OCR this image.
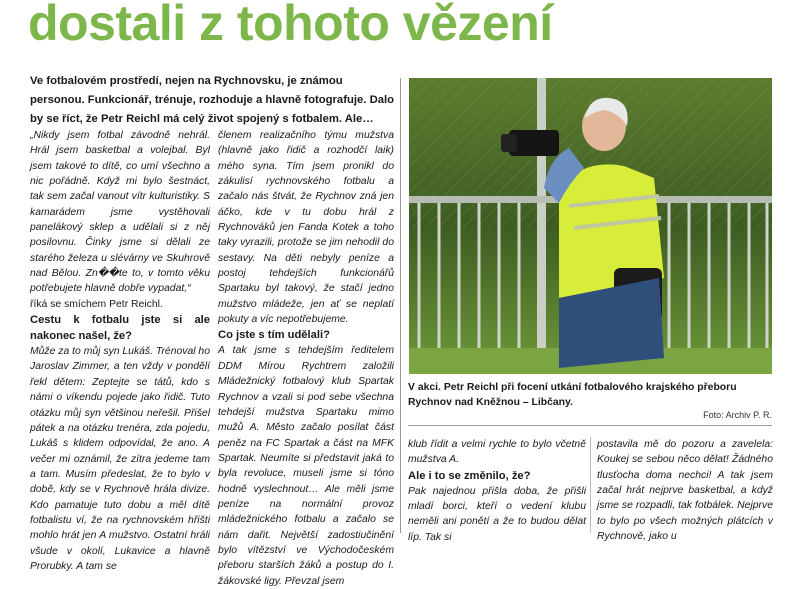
dostali z tohoto vězení

Ve fotbalovém prostředí, nejen na Rychnovsku, je známou personou. Funkcionář, trénuje, rozhoduje a hlavně fotografuje. Dalo by se říct, že Petr Reichl má celý život spojený s fotbalem. Ale…

„Nikdy jsem fotbal závodně nehrál. Hrál jsem basketbal a volejbal. Byl jsem takové to dítě, co umí všechno a nic pořádně. Když mi bylo šestnáct, tak sem začal vanout vítr kulturistiky. S kamarádem jsme vystěhovali panelákový sklep a udělali si z něj posilovnu. Činky jsme si dělali ze starého železa u slévárny ve Skuhrově nad Bělou. Zn��te to, v tomto věku potřebujete hlavně dobře vypadat,“

říká se smíchem Petr Reichl.

Cestu k fotbalu jste si ale nakonec našel, že?

Může za to můj syn Lukáš. Trénoval ho Jaroslav Zimmer, a ten vždy v pondělí řekl dětem: Zeptejte se tátů, kdo s námi o víkendu pojede jako řidič. Tuto otázku můj syn většinou neřešil. Přišel pátek a na otázku trenéra, zda pojedu, Lukáš s klidem odpovídal, že ano. A večer mi oznámil, že zítra jedeme tam a tam. Musím předeslat, že to bylo v době, kdy se v Rychnově hrála divize. Kdo pamatuje tuto dobu a měl dítě fotbalistu ví, že na rychnovském hřišti mohlo hrát jen A mužstvo. Ostatní hráli všude v okolí, Lukavice a hlavně Prorubky. A tam se

členem realizačního týmu mužstva (hlavně jako řidič a rozhodčí laik) mého syna. Tím jsem pronikl do zákulisí rychnovského fotbalu a začalo nás štvát, že Rychnov zná jen áčko, kde v tu dobu hrál z Rychnováků jen Fanda Kotek a toho taky vyrazili, protože se jim nehodil do sestavy. Na děti nebyly peníze a postoj tehdejších funkcionářů Spartaku byl takový, že stačí jedno mužstvo mládeže, jen ať se neplatí pokuty a víc nepotřebujeme.

Co jste s tím udělali?

A tak jsme s tehdejším ředitelem DDM Mírou Rychtrem založili Mládežnický fotbalový klub Spartak Rychnov a vzali si pod sebe všechna tehdejší mužstva Spartaku mimo mužů A. Město začalo posílat část peněz na FC Spartak a část na MFK Spartak. Neumíte si představit jaká to byla revoluce, museli jsme si tóno hodně vyslechnout… Ale měli jsme peníze na normální provoz mládežnického fotbalu a začalo se nám dařit. Největší zadostiučinění bylo vítězství ve Východočeském přeboru starších žáků a postup do I. žákovské ligy. Převzal jsem

V akci. Petr Reichl při focení utkání fotbalového krajského přeboru Rychnov nad Kněžnou – Libčany.

Foto: Archiv P. R.

klub řídit a velmi rychle to bylo včetně mužstva A.

Ale i to se změnilo, že?

Pak najednou přišla doba, že přišli mladí borci, kteří o vedení klubu neměli ani ponětí a že to budou dělat líp. Tak si

postavila mě do pozoru a zavelela: Koukej se sebou něco dělat! Žádného tlusťocha doma nechci! A tak jsem začal hrát nejprve basketbal, a když jsme se rozpadli, tak fotbálek. Nejprve to bylo po všech možných plátcích v Rychnově, jako u
